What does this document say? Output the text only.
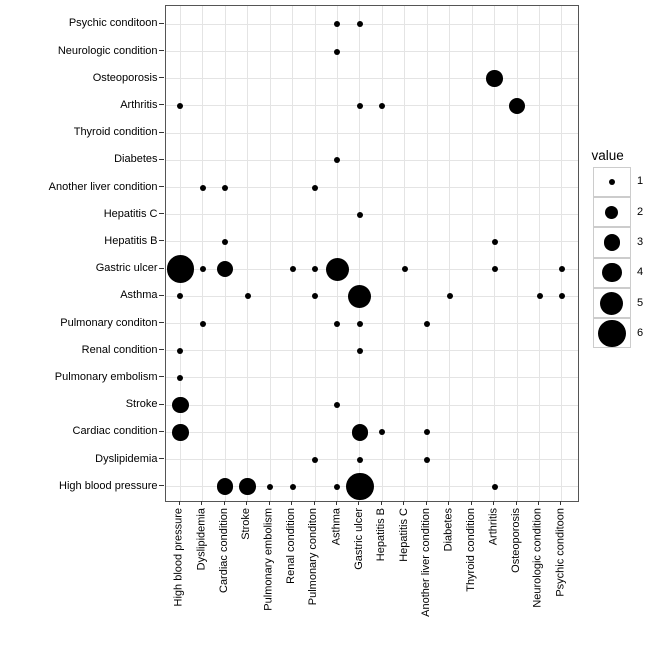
Psychic conditoon
Neurologic condition
Osteoporosis
Arthritis
Thyroid condition
Diabetes
Another liver condition
Hepatitis C
Hepatitis B
Gastric ulcer
Asthma
Pulmonary conditon
Renal condition
Pulmonary embolism
Stroke
Cardiac condition
Dyslipidemia
High blood pressure
High blood pressure Dyslipidemia Cardiac condition Stroke Pulmonary embolism Renal condition Pulmonary conditon Asthma Gastric ulcer Hepatitis B Hepatitis C Another liver condition Diabetes Thyroid condition Arthritis Osteoporosis Neurologic condition Psychic conditoon
value
1
2
3
4
5
6
